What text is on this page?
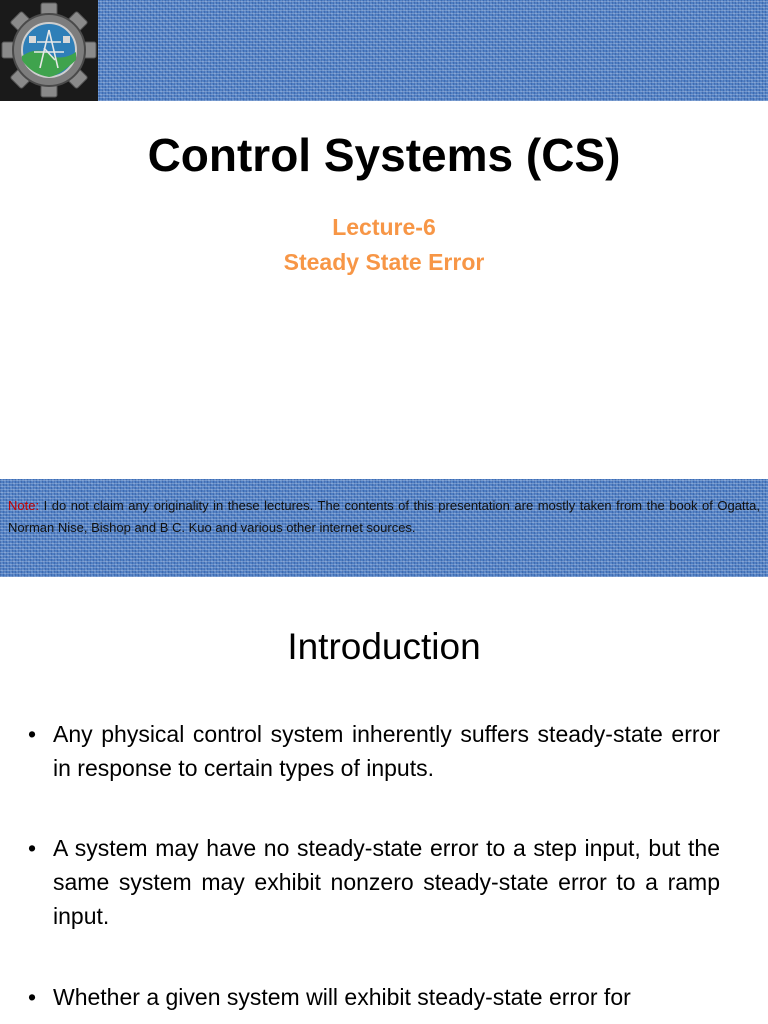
Control Systems (CS)
Lecture-6
Steady State Error
Note: I do not claim any originality in these lectures. The contents of this presentation are mostly taken from the book of Ogatta, Norman Nise, Bishop and B C. Kuo and various other internet sources.
Introduction
• Any physical control system inherently suffers steady-state error in response to certain types of inputs.
• A system may have no steady-state error to a step input, but the same system may exhibit nonzero steady-state error to a ramp input.
• Whether a given system will exhibit steady-state error for
